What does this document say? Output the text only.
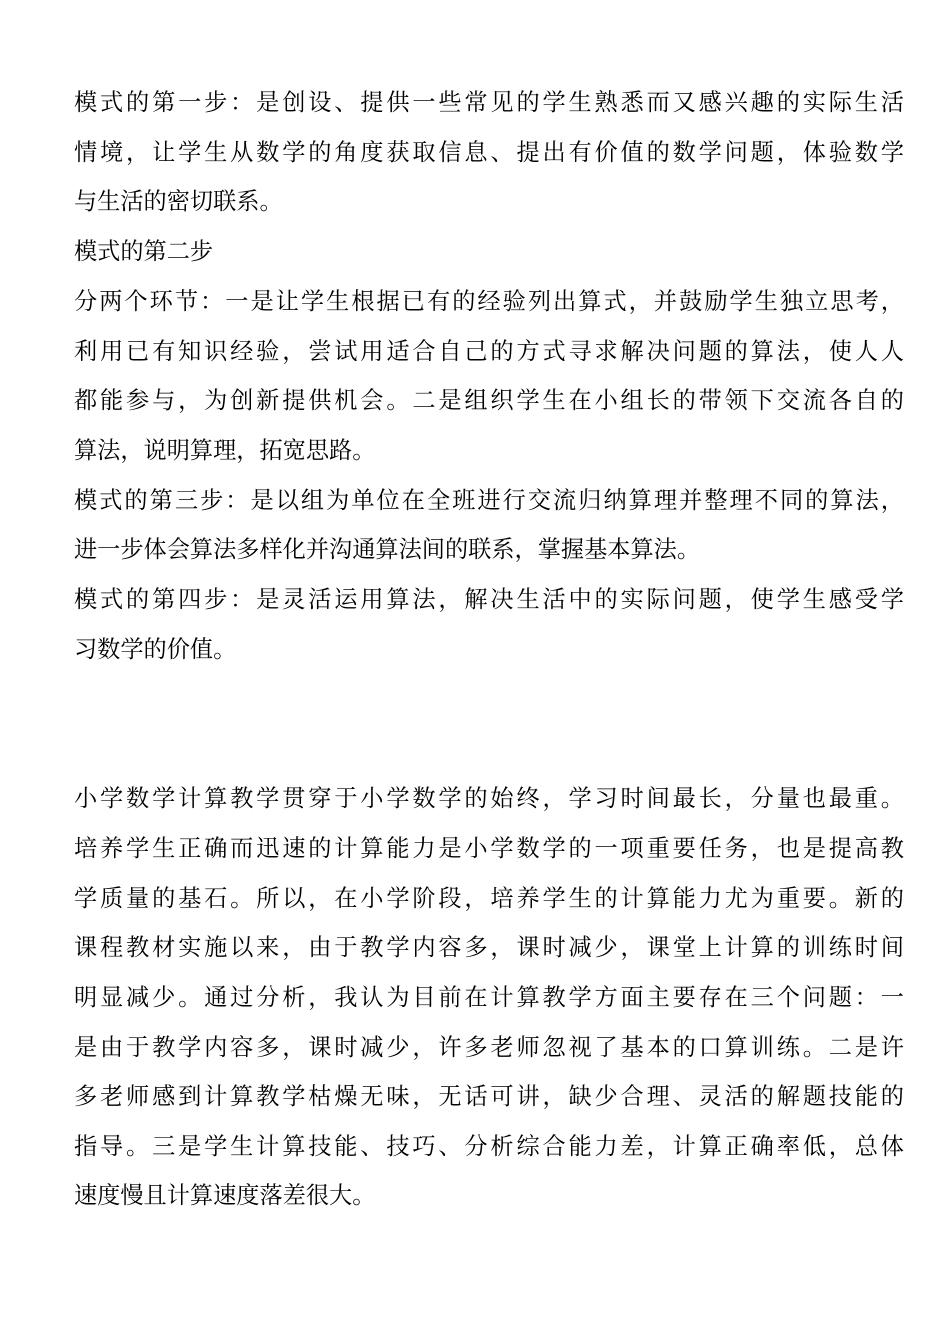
模式的第一步：是创设、提供一些常见的学生熟悉而又感兴趣的实际生活
情境，让学生从数学的角度获取信息、提出有价值的数学问题，体验数学
与生活的密切联系。
模式的第二步
分两个环节：一是让学生根据已有的经验列出算式，并鼓励学生独立思考，
利用已有知识经验，尝试用适合自己的方式寻求解决问题的算法，使人人
都能参与，为创新提供机会。二是组织学生在小组长的带领下交流各自的
算法，说明算理，拓宽思路。
模式的第三步：是以组为单位在全班进行交流归纳算理并整理不同的算法，
进一步体会算法多样化并沟通算法间的联系，掌握基本算法。
模式的第四步：是灵活运用算法，解决生活中的实际问题，使学生感受学
习数学的价值。
小学数学计算教学贯穿于小学数学的始终，学习时间最长，分量也最重。
培养学生正确而迅速的计算能力是小学数学的一项重要任务，也是提高教
学质量的基石。所以，在小学阶段，培养学生的计算能力尤为重要。新的
课程教材实施以来，由于教学内容多，课时减少，课堂上计算的训练时间
明显减少。通过分析，我认为目前在计算教学方面主要存在三个问题：一
是由于教学内容多，课时减少，许多老师忽视了基本的口算训练。二是许
多老师感到计算教学枯燥无味，无话可讲，缺少合理、灵活的解题技能的
指导。三是学生计算技能、技巧、分析综合能力差，计算正确率低，总体
速度慢且计算速度落差很大。
